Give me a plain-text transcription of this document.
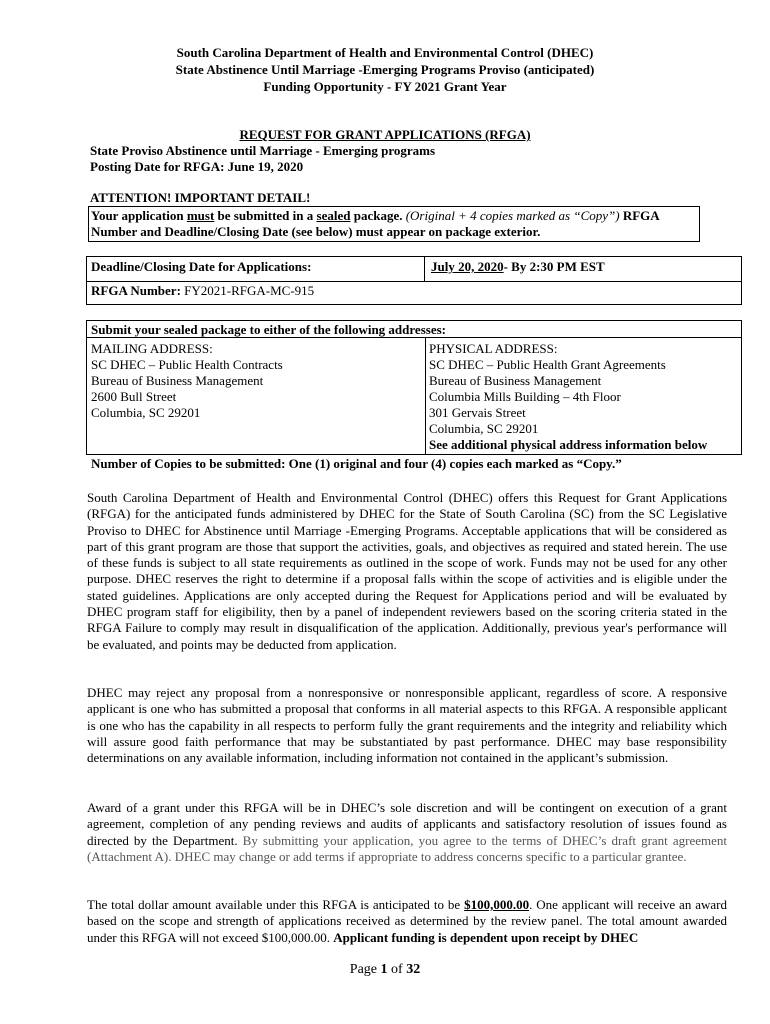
South Carolina Department of Health and Environmental Control (DHEC)
State Abstinence Until Marriage -Emerging Programs Proviso (anticipated)
Funding Opportunity - FY 2021 Grant Year
REQUEST FOR GRANT APPLICATIONS (RFGA)
State Proviso Abstinence until Marriage - Emerging programs
Posting Date for RFGA: June 19, 2020
ATTENTION! IMPORTANT DETAIL!
Your application must be submitted in a sealed package. (Original + 4 copies marked as “Copy”) RFGA
Number and Deadline/Closing Date (see below) must appear on package exterior.
Deadline/Closing Date for Applications:	July 20, 2020- By 2:30 PM EST
RFGA Number: FY2021-RFGA-MC-915
Submit your sealed package to either of the following addresses:
MAILING ADDRESS:
SC DHEC – Public Health Contracts
Bureau of Business Management
2600 Bull Street
Columbia, SC 29201
PHYSICAL ADDRESS:
SC DHEC – Public Health Grant Agreements
Bureau of Business Management
Columbia Mills Building – 4th Floor
301 Gervais Street
Columbia, SC 29201
See additional physical address information below
Number of Copies to be submitted: One (1) original and four (4) copies each marked as “Copy.”

South Carolina Department of Health and Environmental Control (DHEC) offers this Request for Grant Applications (RFGA) for the anticipated funds administered by DHEC for the State of South Carolina (SC) from the SC Legislative Proviso to DHEC for Abstinence until Marriage -Emerging Programs. Acceptable applications that will be considered as part of this grant program are those that support the activities, goals, and objectives as required and stated herein. The use of these funds is subject to all state requirements as outlined in the scope of work. Funds may not be used for any other purpose. DHEC reserves the right to determine if a proposal falls within the scope of activities and is eligible under the stated guidelines. Applications are only accepted during the Request for Applications period and will be evaluated by DHEC program staff for eligibility, then by a panel of independent reviewers based on the scoring criteria stated in the RFGA Failure to comply may result in disqualification of the application. Additionally, previous year's performance will be evaluated, and points may be deducted from application.

DHEC may reject any proposal from a nonresponsive or nonresponsible applicant, regardless of score. A responsive applicant is one who has submitted a proposal that conforms in all material aspects to this RFGA. A responsible applicant is one who has the capability in all respects to perform fully the grant requirements and the integrity and reliability which will assure good faith performance that may be substantiated by past performance. DHEC may base responsibility determinations on any available information, including information not contained in the applicant’s submission.

Award of a grant under this RFGA will be in DHEC’s sole discretion and will be contingent on execution of a grant agreement, completion of any pending reviews and audits of applicants and satisfactory resolution of issues found as directed by the Department. By submitting your application, you agree to the terms of DHEC’s draft grant agreement (Attachment A). DHEC may change or add terms if appropriate to address concerns specific to a particular grantee.

The total dollar amount available under this RFGA is anticipated to be $100,000.00. One applicant will receive an award based on the scope and strength of applications received as determined by the review panel. The total amount awarded under this RFGA will not exceed $100,000.00. Applicant funding is dependent upon receipt by DHEC

Page 1 of 32
